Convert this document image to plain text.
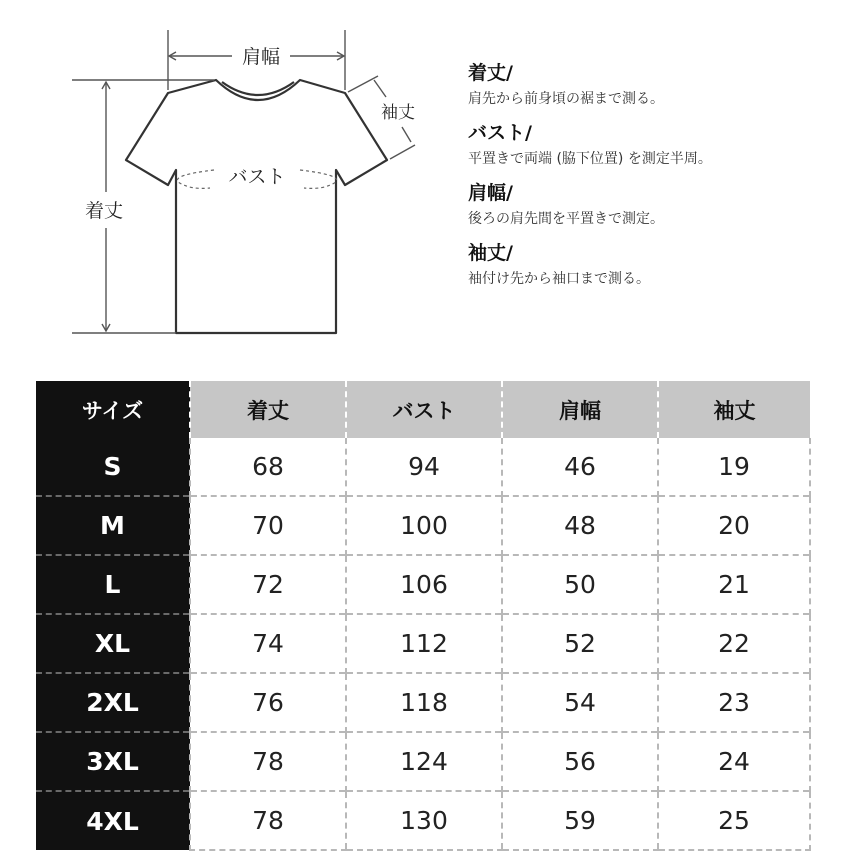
肩幅
袖丈
バスト
着丈
着丈/
肩先から前身頃の裾まで測る。
バスト/
平置きで両端 (脇下位置) を測定半周。
肩幅/
後ろの肩先間を平置きで測定。
袖丈/
袖付け先から袖口まで測る。
サイズ	着丈	バスト	肩幅	袖丈
S	68	94	46	19
M	70	100	48	20
L	72	106	50	21
XL	74	112	52	22
2XL	76	118	54	23
3XL	78	124	56	24
4XL	78	130	59	25
